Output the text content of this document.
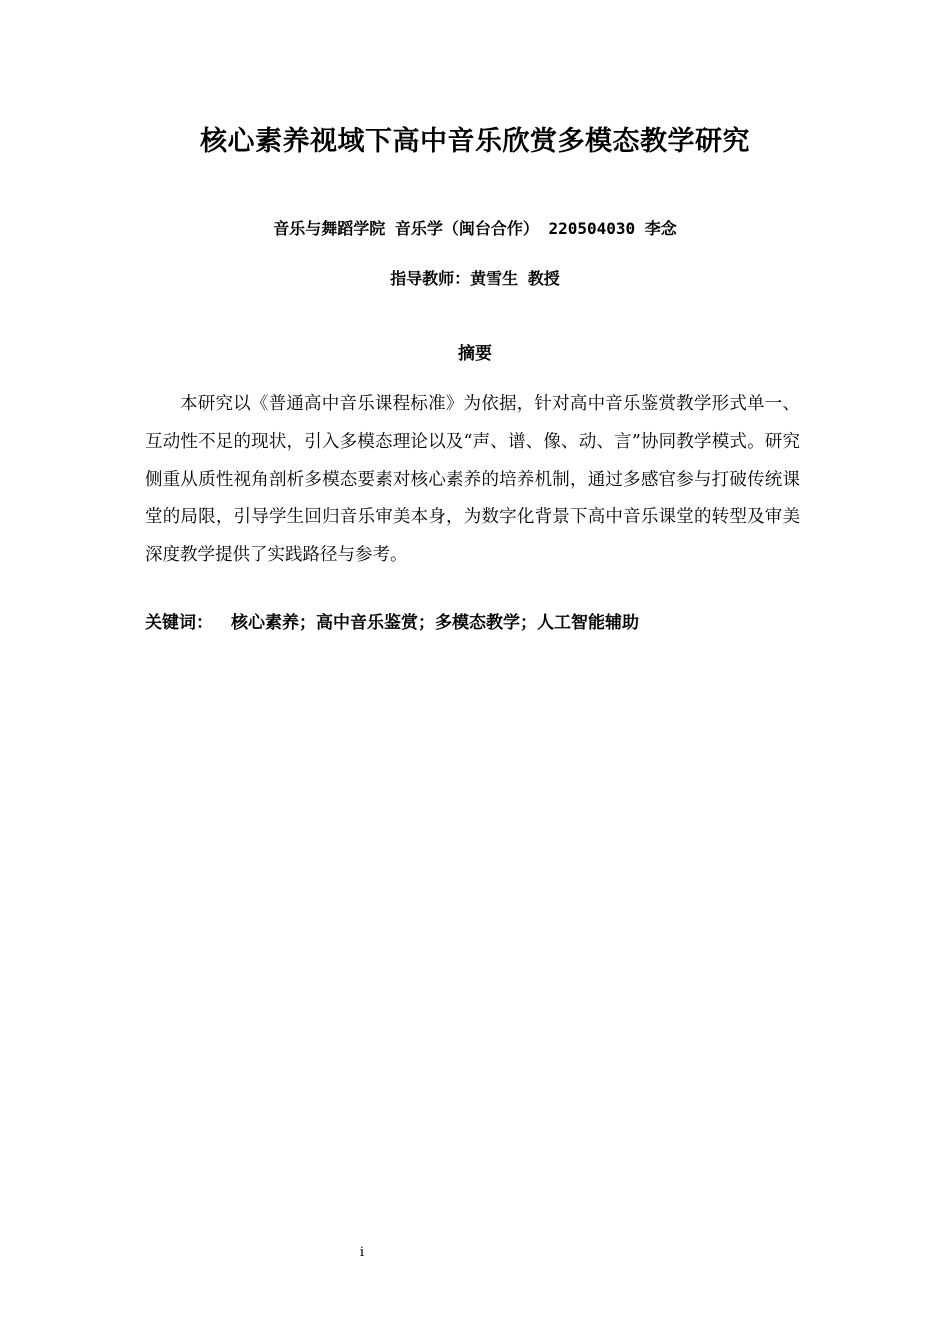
核心素养视域下高中音乐欣赏多模态教学研究
音乐与舞蹈学院 音乐学（闽台合作） 220504030 李念
指导教师：黄雪生 教授
摘要

本研究以《普通高中音乐课程标准》为依据，针对高中音乐鉴赏教学形式单一、互动性不足的现状，引入多模态理论以及“声、谱、像、动、言”协同教学模式。研究侧重从质性视角剖析多模态要素对核心素养的培养机制，通过多感官参与打破传统课堂的局限，引导学生回归音乐审美本身，为数字化背景下高中音乐课堂的转型及审美深度教学提供了实践路径与参考。

关键词： 核心素养；高中音乐鉴赏；多模态教学；人工智能辅助
i
